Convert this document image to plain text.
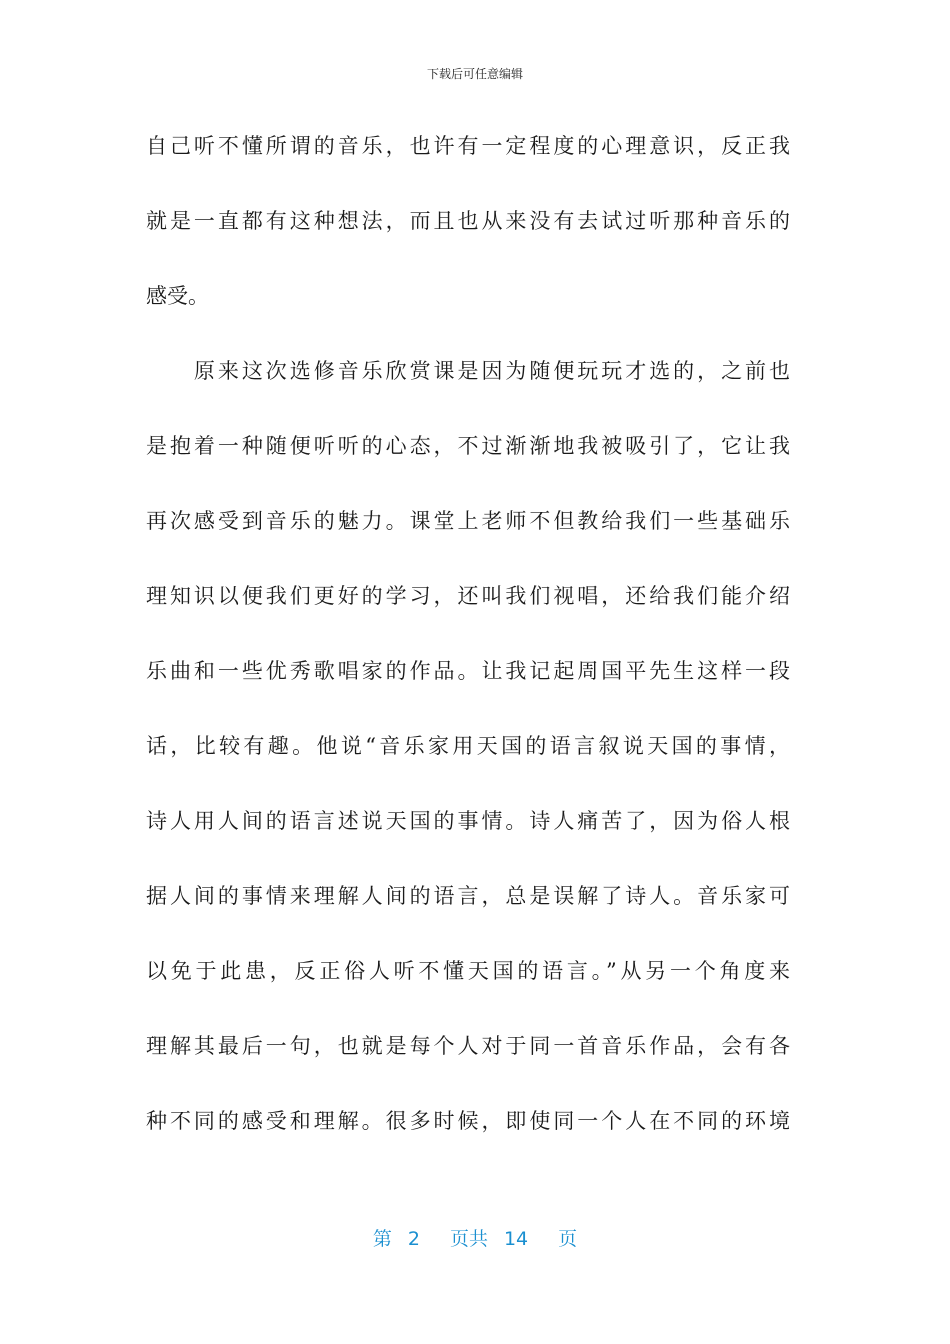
下载后可任意编辑
自己听不懂所谓的音乐，也许有一定程度的心理意识，反正我
就是一直都有这种想法，而且也从来没有去试过听那种音乐的
感受。
　　原来这次选修音乐欣赏课是因为随便玩玩才选的，之前也
是抱着一种随便听听的心态，不过渐渐地我被吸引了，它让我
再次感受到音乐的魅力。课堂上老师不但教给我们一些基础乐
理知识以便我们更好的学习，还叫我们视唱，还给我们能介绍
乐曲和一些优秀歌唱家的作品。让我记起周国平先生这样一段
话，比较有趣。他说“音乐家用天国的语言叙说天国的事情，
诗人用人间的语言述说天国的事情。诗人痛苦了，因为俗人根
据人间的事情来理解人间的语言，总是误解了诗人。音乐家可
以免于此患，反正俗人听不懂天国的语言。”从另一个角度来
理解其最后一句，也就是每个人对于同一首音乐作品，会有各
种不同的感受和理解。很多时候，即使同一个人在不同的环境
第 2 页共 14 页
